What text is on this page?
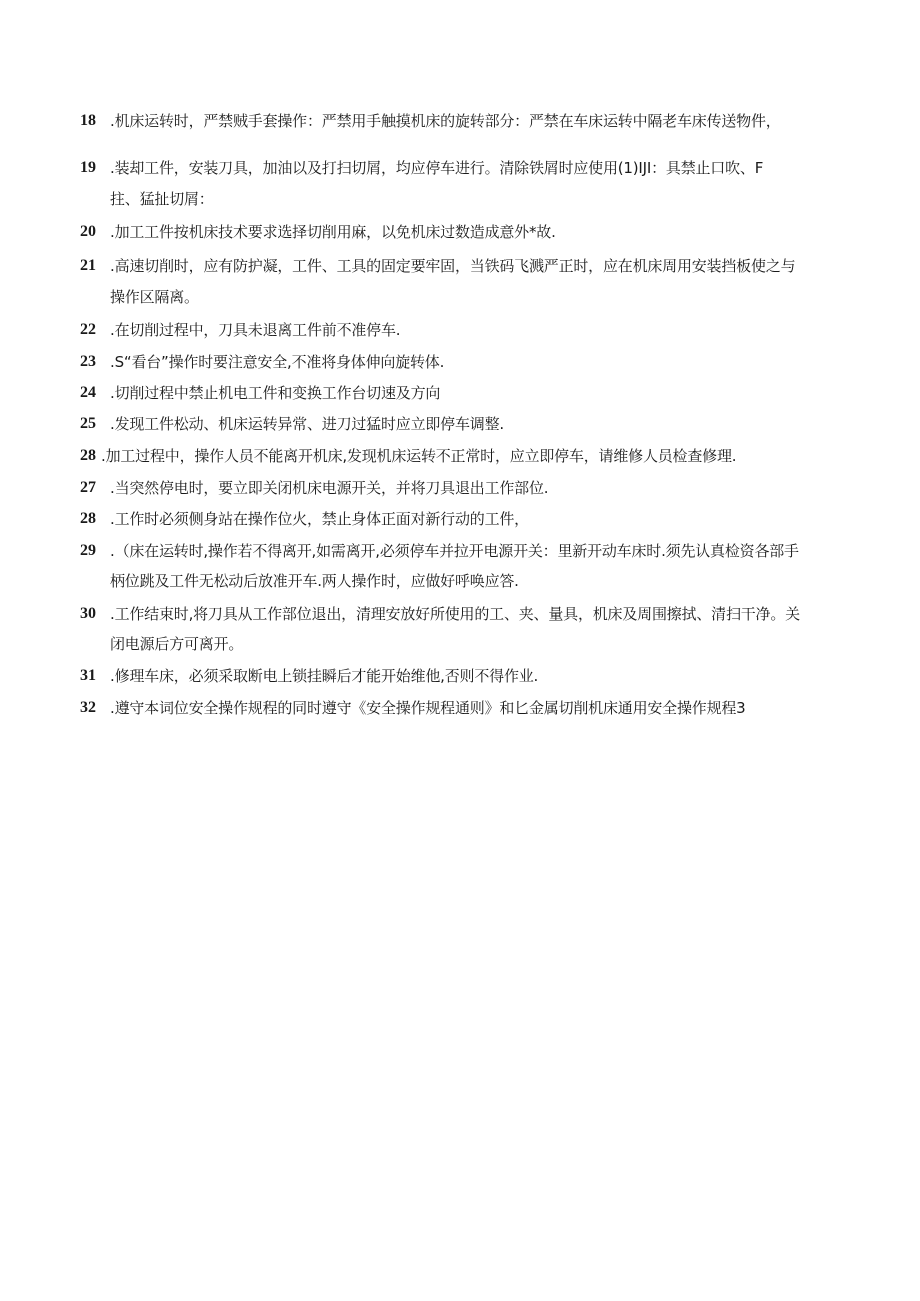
18 .机床运转时，严禁贼手套操作：严禁用手触摸机床的旋转部分：严禁在车床运转中隔老车床传送物件，
19 .装却工件，安装刀具，加油以及打扫切屑，均应停车进行。清除铁屑时应使用(1)IJI：具禁止口吹、F
拄、猛扯切屑：
20 .加工工件按机床技术要求选择切削用麻，以免机床过数造成意外*故.
21 .高速切削时，应有防护凝，工件、工具的固定要牢固，当铁码飞溅严正时，应在机床周用安装挡板使之与
操作区隔离。
22 .在切削过程中，刀具未退离工件前不准停车.
23 .S“看台”操作时要注意安全,不准将身体伸向旋转体.
24 .切削过程中禁止机电工件和变换工作台切速及方向
25 .发现工件松动、机床运转异常、进刀过猛时应立即停车调整.
28 .加工过程中，操作人员不能离开机床,发现机床运转不正常时，应立即停车，请维修人员检查修理.
27 .当突然停电时，要立即关闭机床电源开关，并将刀具退出工作部位.
28 .工作时必须侧身站在操作位火，禁止身体正面对新行动的工件，
29 .（床在运转时,操作若不得离开,如需离开,必须停车并拉开电源开关：里新开动车床时.须先认真检资各部手
柄位跳及工件无松动后放准开车.两人操作时，应做好呼唤应答.
30 .工作结束时,将刀具从工作部位退出，清理安放好所使用的工、夹、量具，机床及周围擦拭、清扫干净。关
闭电源后方可离开。
31 .修理车床，必须采取断电上锁挂瞬后才能开始维他,否则不得作业.
32 .遵守本词位安全操作规程的同时遵守《安全操作规程通则》和匕金属切削机床通用安全操作规程3
